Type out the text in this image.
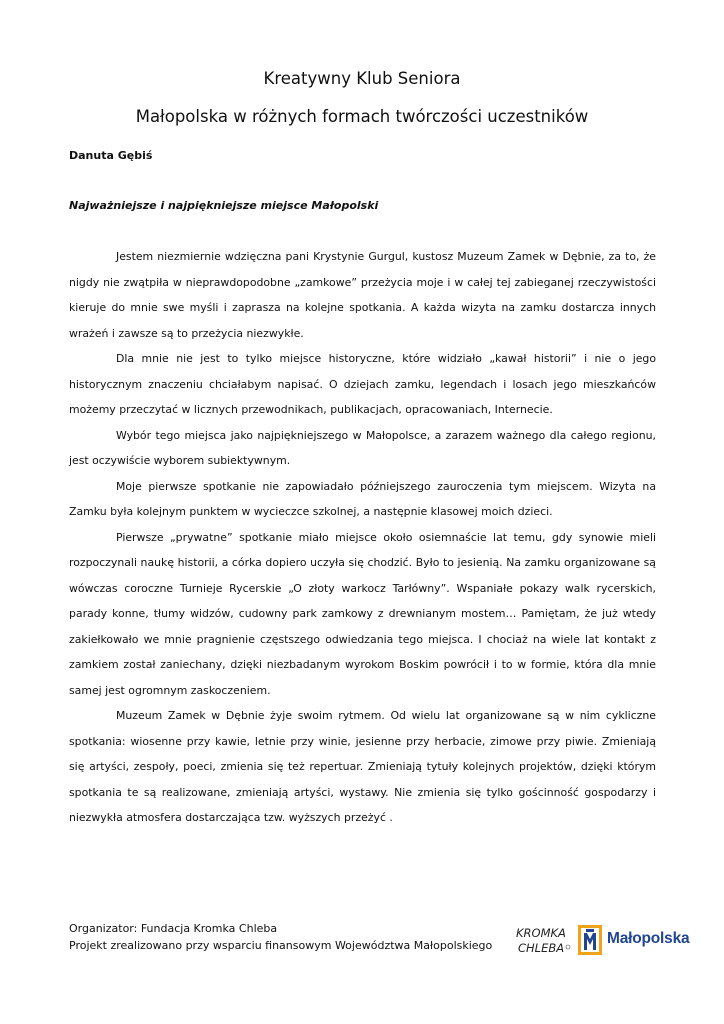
Kreatywny Klub Seniora
Małopolska w różnych formach twórczości uczestników
Danuta Gębiś
Najważniejsze i najpiękniejsze miejsce Małopolski

Jestem niezmiernie wdzięczna pani Krystynie Gurgul, kustosz Muzeum Zamek w Dębnie, za to, że nigdy nie zwątpiła w nieprawdopodobne „zamkowe” przeżycia moje i w całej tej zabieganej rzeczywistości kieruje do mnie swe myśli i zaprasza na kolejne spotkania. A każda wizyta na zamku dostarcza innych wrażeń i zawsze są to przeżycia niezwykłe.

Dla mnie nie jest to tylko miejsce historyczne, które widziało „kawał historii” i nie o jego historycznym znaczeniu chciałabym napisać. O dziejach zamku, legendach i losach jego mieszkańców możemy przeczytać w licznych przewodnikach, publikacjach, opracowaniach, Internecie.

Wybór tego miejsca jako najpiękniejszego w Małopolsce, a zarazem ważnego dla całego regionu, jest oczywiście wyborem subiektywnym.

Moje pierwsze spotkanie nie zapowiadało późniejszego zauroczenia tym miejscem. Wizyta na Zamku była kolejnym punktem w wycieczce szkolnej, a następnie klasowej moich dzieci.

Pierwsze „prywatne” spotkanie miało miejsce około osiemnaście lat temu, gdy synowie mieli rozpoczynali naukę historii, a córka dopiero uczyła się chodzić. Było to jesienią. Na zamku organizowane są wówczas coroczne Turnieje Rycerskie „O złoty warkocz Tarłówny”. Wspaniałe pokazy walk rycerskich, parady konne, tłumy widzów, cudowny park zamkowy z drewnianym mostem… Pamiętam, że już wtedy zakiełkowało we mnie pragnienie częstszego odwiedzania tego miejsca. I chociaż na wiele lat kontakt z zamkiem został zaniechany, dzięki niezbadanym wyrokom Boskim powrócił i to w formie, która dla mnie samej jest ogromnym zaskoczeniem.

Muzeum Zamek w Dębnie żyje swoim rytmem. Od wielu lat organizowane są w nim cykliczne spotkania: wiosenne przy kawie, letnie przy winie, jesienne przy herbacie, zimowe przy piwie. Zmieniają się artyści, zespoły, poeci, zmienia się też repertuar. Zmieniają tytuły kolejnych projektów, dzięki którym spotkania te są realizowane, zmieniają artyści, wystawy. Nie zmienia się tylko gościnność gospodarzy i niezwykła atmosfera dostarczająca tzw. wyższych przeżyć .

Organizator: Fundacja Kromka Chleba
Projekt zrealizowano przy wsparciu finansowym Województwa Małopolskiego
KROMKA
CHLEBA
Małopolska
